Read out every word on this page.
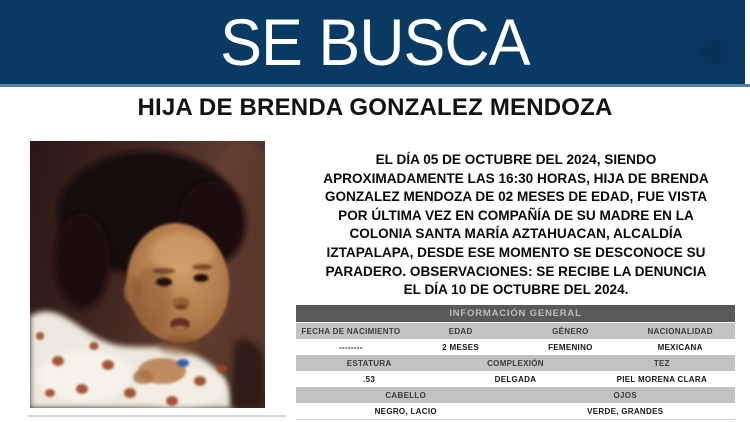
SE BUSCA
HIJA DE BRENDA GONZALEZ MENDOZA
EL DÍA 05 DE OCTUBRE DEL 2024, SIENDO
APROXIMADAMENTE LAS 16:30 HORAS, HIJA DE BRENDA
GONZALEZ MENDOZA DE 02 MESES DE EDAD, FUE VISTA
POR ÚLTIMA VEZ EN COMPAÑÍA DE SU MADRE EN LA
COLONIA SANTA MARÍA AZTAHUACAN, ALCALDÍA
IZTAPALAPA, DESDE ESE MOMENTO SE DESCONOCE SU
PARADERO. OBSERVACIONES: SE RECIBE LA DENUNCIA
EL DÍA 10 DE OCTUBRE DEL 2024.
INFORMACIÓN GENERAL
FECHA DE NACIMIENTO	EDAD	GÉNERO	NACIONALIDAD
--------	2 MESES	FEMENINO	MEXICANA
ESTATURA	COMPLEXIÓN	TEZ
.53	DELGADA	PIEL MORENA CLARA
CABELLO	OJOS
NEGRO, LACIO	VERDE, GRANDES
